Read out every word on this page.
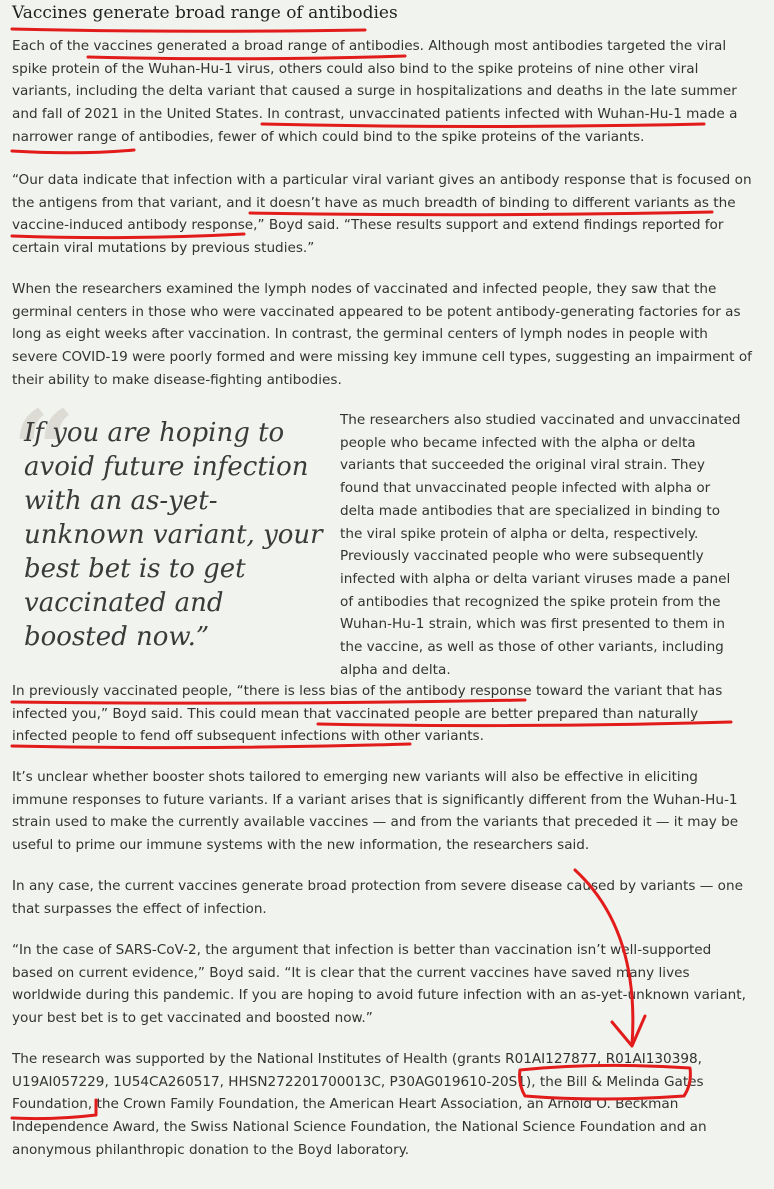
Vaccines generate broad range of antibodies

Each of the vaccines generated a broad range of antibodies. Although most antibodies targeted the viral spike protein of the Wuhan-Hu-1 virus, others could also bind to the spike proteins of nine other viral variants, including the delta variant that caused a surge in hospitalizations and deaths in the late summer and fall of 2021 in the United States. In contrast, unvaccinated patients infected with Wuhan-Hu-1 made a narrower range of antibodies, fewer of which could bind to the spike proteins of the variants.

“Our data indicate that infection with a particular viral variant gives an antibody response that is focused on the antigens from that variant, and it doesn’t have as much breadth of binding to different variants as the vaccine-induced antibody response,” Boyd said. “These results support and extend findings reported for certain viral mutations by previous studies.”

When the researchers examined the lymph nodes of vaccinated and infected people, they saw that the germinal centers in those who were vaccinated appeared to be potent antibody-generating factories for as long as eight weeks after vaccination. In contrast, the germinal centers of lymph nodes in people with severe COVID-19 were poorly formed and were missing key immune cell types, suggesting an impairment of their ability to make disease-fighting antibodies.

“

If you are hoping to avoid future infection with an as-yet-unknown variant, your best bet is to get vaccinated and boosted now.”

The researchers also studied vaccinated and unvaccinated people who became infected with the alpha or delta variants that succeeded the original viral strain. They found that unvaccinated people infected with alpha or delta made antibodies that are specialized in binding to the viral spike protein of alpha or delta, respectively. Previously vaccinated people who were subsequently infected with alpha or delta variant viruses made a panel of antibodies that recognized the spike protein from the Wuhan-Hu-1 strain, which was first presented to them in the vaccine, as well as those of other variants, including alpha and delta.

In previously vaccinated people, “there is less bias of the antibody response toward the variant that has infected you,” Boyd said. This could mean that vaccinated people are better prepared than naturally infected people to fend off subsequent infections with other variants.

It’s unclear whether booster shots tailored to emerging new variants will also be effective in eliciting immune responses to future variants. If a variant arises that is significantly different from the Wuhan-Hu-1 strain used to make the currently available vaccines — and from the variants that preceded it — it may be useful to prime our immune systems with the new information, the researchers said.

In any case, the current vaccines generate broad protection from severe disease caused by variants — one that surpasses the effect of infection.

“In the case of SARS-CoV-2, the argument that infection is better than vaccination isn’t well-supported based on current evidence,” Boyd said. “It is clear that the current vaccines have saved many lives worldwide during this pandemic. If you are hoping to avoid future infection with an as-yet-unknown variant, your best bet is to get vaccinated and boosted now.”

The research was supported by the National Institutes of Health (grants R01AI127877, R01AI130398, U19AI057229, 1U54CA260517, HHSN272201700013C, P30AG019610-20S1), the Bill & Melinda Gates Foundation, the Crown Family Foundation, the American Heart Association, an Arnold O. Beckman Independence Award, the Swiss National Science Foundation, the National Science Foundation and an anonymous philanthropic donation to the Boyd laboratory.
